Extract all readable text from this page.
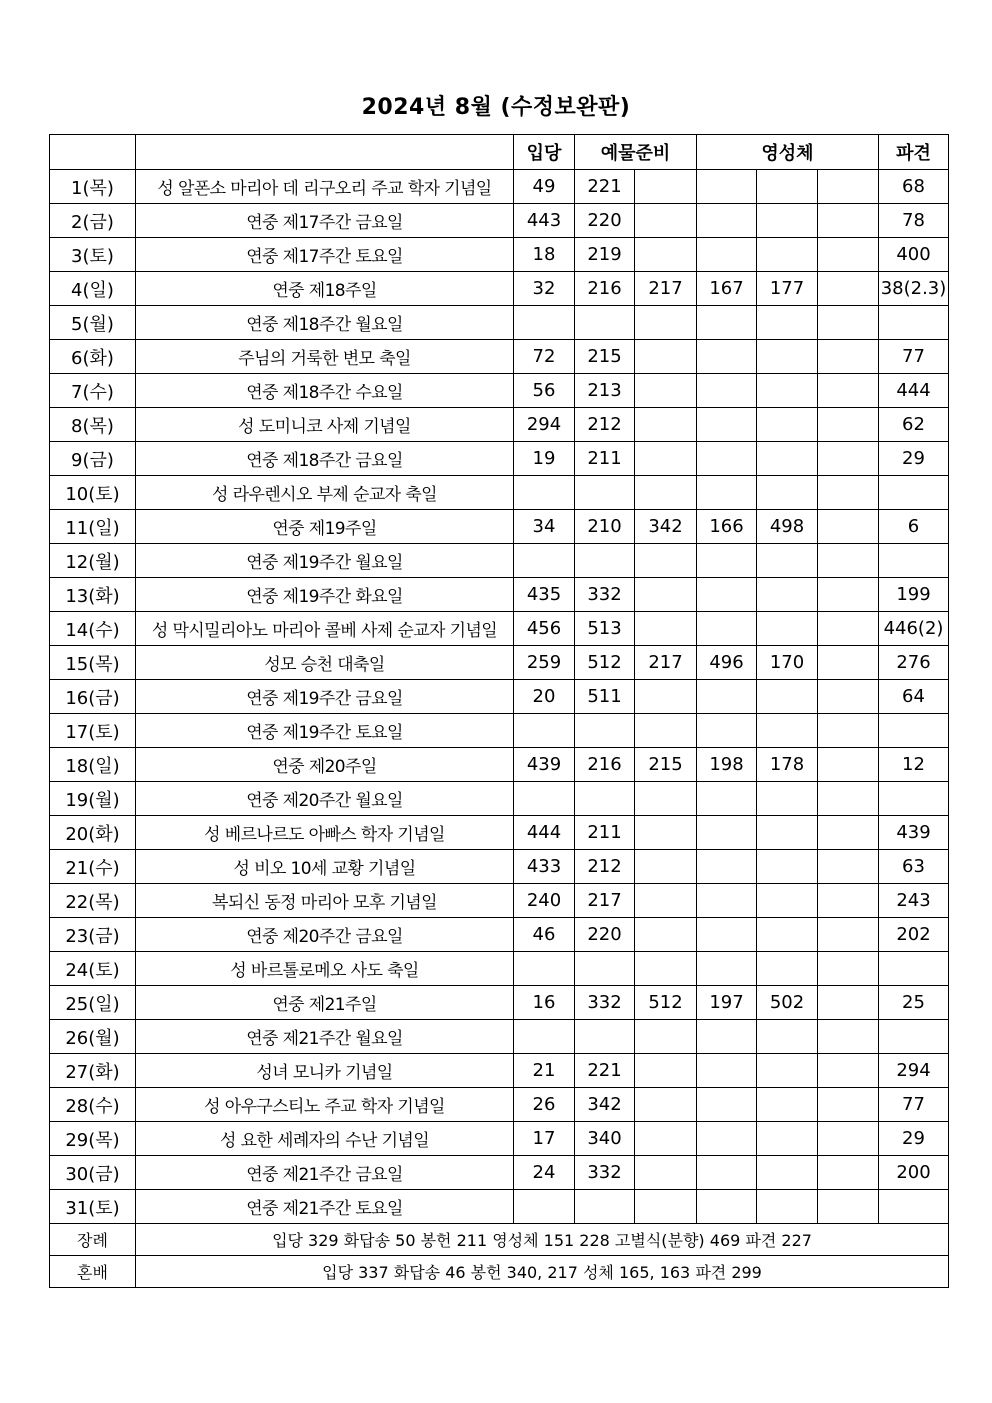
2024년 8월 (수정보완판)
		입당	예물준비		영성체			파견
1(목)	성 알폰소 마리아 데 리구오리 주교 학자 기념일	49	221					68
2(금)	연중 제17주간 금요일	443	220					78
3(토)	연중 제17주간 토요일	18	219					400
4(일)	연중 제18주일	32	216	217	167	177		38(2.3)
5(월)	연중 제18주간 월요일							
6(화)	주님의 거룩한 변모 축일	72	215					77
7(수)	연중 제18주간 수요일	56	213					444
8(목)	성 도미니코 사제 기념일	294	212					62
9(금)	연중 제18주간 금요일	19	211					29
10(토)	성 라우렌시오 부제 순교자 축일							
11(일)	연중 제19주일	34	210	342	166	498		6
12(월)	연중 제19주간 월요일							
13(화)	연중 제19주간 화요일	435	332					199
14(수)	성 막시밀리아노 마리아 콜베 사제 순교자 기념일	456	513					446(2)
15(목)	성모 승천 대축일	259	512	217	496	170		276
16(금)	연중 제19주간 금요일	20	511					64
17(토)	연중 제19주간 토요일							
18(일)	연중 제20주일	439	216	215	198	178		12
19(월)	연중 제20주간 월요일							
20(화)	성 베르나르도 아빠스 학자 기념일	444	211					439
21(수)	성 비오 10세 교황 기념일	433	212					63
22(목)	복되신 동정 마리아 모후 기념일	240	217					243
23(금)	연중 제20주간 금요일	46	220					202
24(토)	성 바르톨로메오 사도 축일							
25(일)	연중 제21주일	16	332	512	197	502		25
26(월)	연중 제21주간 월요일							
27(화)	성녀 모니카 기념일	21	221					294
28(수)	성 아우구스티노 주교 학자 기념일	26	342					77
29(목)	성 요한 세례자의 수난 기념일	17	340					29
30(금)	연중 제21주간 금요일	24	332					200
31(토)	연중 제21주간 토요일							
장례	입당 329 화답송 50 봉헌 211 영성체 151 228 고별식(분향) 469 파견 227							
혼배	입당 337 화답송 46 봉헌 340, 217 성체 165, 163 파견 299							
